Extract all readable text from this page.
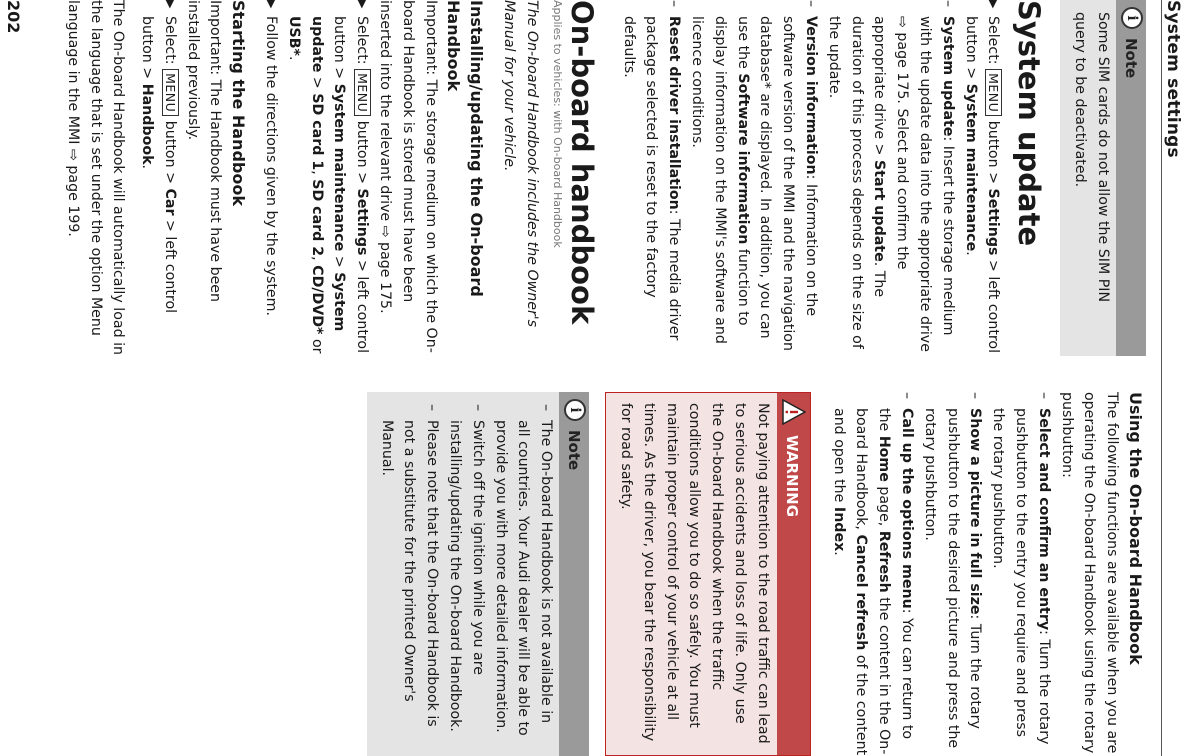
System settings
i
Note

Some SIM cards do not allow the SIM PIN query to be deactivated.

System update
▶
Select: MENU button > Settings > left control button > System maintenance.
–
System update: Insert the storage medium with the update data into the appropriate drive ⇨ page 175. Select and confirm the appropriate drive > Start update. The duration of this process depends on the size of the update.
–
Version information: Information on the software version of the MMI and the navigation database* are displayed. In addition, you can use the Software information function to display information on the MMI's software and licence conditions.
–
Reset driver installation: The media driver package selected is reset to the factory defaults.
On-board handbook
Applies to vehicles: with On-board Handbook

The On-board Handbook includes the Owner's Manual for your vehicle.

Installing/updating the On-board Handbook

Important: The storage medium on which the On-board Handbook is stored must have been inserted into the relevant drive ⇨ page 175.

▶
Select: MENU button > Settings > left control button > System maintenance > System update > SD card 1, SD card 2, CD/DVD* or USB*.
▶
Follow the directions given by the system.
Starting the Handbook

Important: The Handbook must have been installed previously.

▶
Select: MENU button > Car > left control button > Handbook.

The On-board Handbook will automatically load in the language that is set under the option Menu language in the MMI ⇨ page 199.

Using the On-board Handbook

The following functions are available when you are operating the On-board Handbook using the rotary pushbutton:

–
Select and confirm an entry: Turn the rotary pushbutton to the entry you require and press the rotary pushbutton.
–
Show a picture in full size: Turn the rotary pushbutton to the desired picture and press the rotary pushbutton.
–
Call up the options menu: You can return to the Home page, Refresh the content in the On-board Handbook, Cancel refresh of the content and open the Index.
WARNING

Not paying attention to the road traffic can lead to serious accidents and loss of life. Only use the On-board Handbook when the traffic conditions allow you to do so safely. You must maintain proper control of your vehicle at all times. As the driver, you bear the responsibility for road safety.

i
Note
–
The On-board Handbook is not available in all countries. Your Audi dealer will be able to provide you with more detailed information.
–
Switch off the ignition while you are installing/updating the On-board Handbook.
–
Please note that the On-board Handbook is not a substitute for the printed Owner's Manual.
202
